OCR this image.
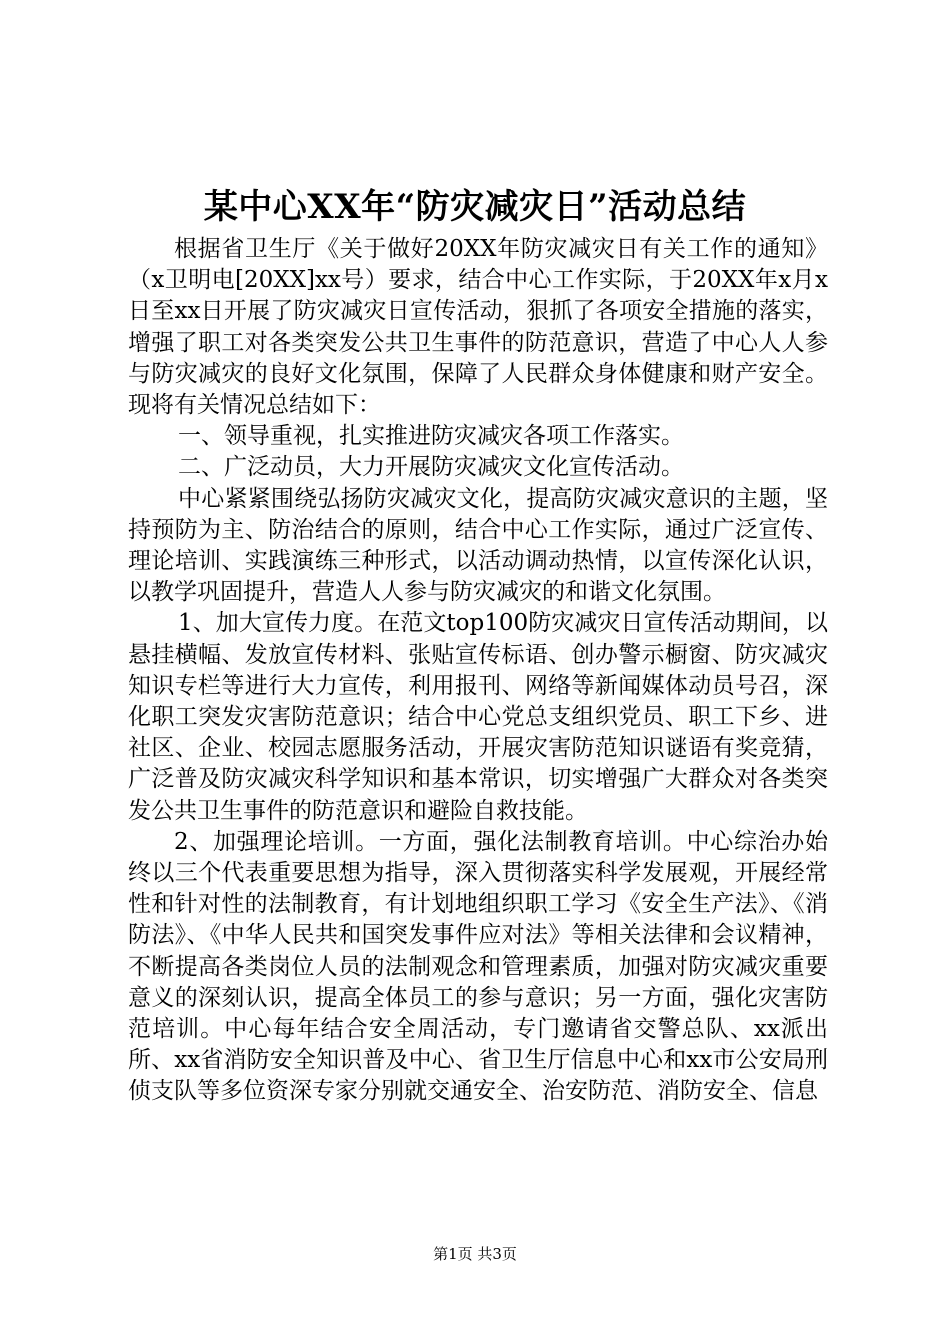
某中心XX年“防灾减灾日”活动总结

根据省卫生厅《关于做好20XX年防灾减灾日有关工作的通知》（x卫明电[20XX]xx号）要求，结合中心工作实际，于20XX年x月x日至xx日开展了防灾减灾日宣传活动，狠抓了各项安全措施的落实，增强了职工对各类突发公共卫生事件的防范意识，营造了中心人人参与防灾减灾的良好文化氛围，保障了人民群众身体健康和财产安全。现将有关情况总结如下：

一、领导重视，扎实推进防灾减灾各项工作落实。

二、广泛动员，大力开展防灾减灾文化宣传活动。

中心紧紧围绕弘扬防灾减灾文化，提高防灾减灾意识的主题，坚持预防为主、防治结合的原则，结合中心工作实际，通过广泛宣传、理论培训、实践演练三种形式，以活动调动热情，以宣传深化认识，以教学巩固提升，营造人人参与防灾减灾的和谐文化氛围。

1、加大宣传力度。在范文top100防灾减灾日宣传活动期间，以悬挂横幅、发放宣传材料、张贴宣传标语、创办警示橱窗、防灾减灾知识专栏等进行大力宣传，利用报刊、网络等新闻媒体动员号召，深化职工突发灾害防范意识；结合中心党总支组织党员、职工下乡、进社区、企业、校园志愿服务活动，开展灾害防范知识谜语有奖竞猜，广泛普及防灾减灾科学知识和基本常识，切实增强广大群众对各类突发公共卫生事件的防范意识和避险自救技能。

2、加强理论培训。一方面，强化法制教育培训。中心综治办始终以三个代表重要思想为指导，深入贯彻落实科学发展观，开展经常性和针对性的法制教育，有计划地组织职工学习《安全生产法》、《消防法》、《中华人民共和国突发事件应对法》等相关法律和会议精神，不断提高各类岗位人员的法制观念和管理素质，加强对防灾减灾重要意义的深刻认识，提高全体员工的参与意识；另一方面，强化灾害防范培训。中心每年结合安全周活动，专门邀请省交警总队、xx派出所、xx省消防安全知识普及中心、省卫生厅信息中心和xx市公安局刑侦支队等多位资深专家分别就交通安全、治安防范、消防安全、信息

第1页 共3页
